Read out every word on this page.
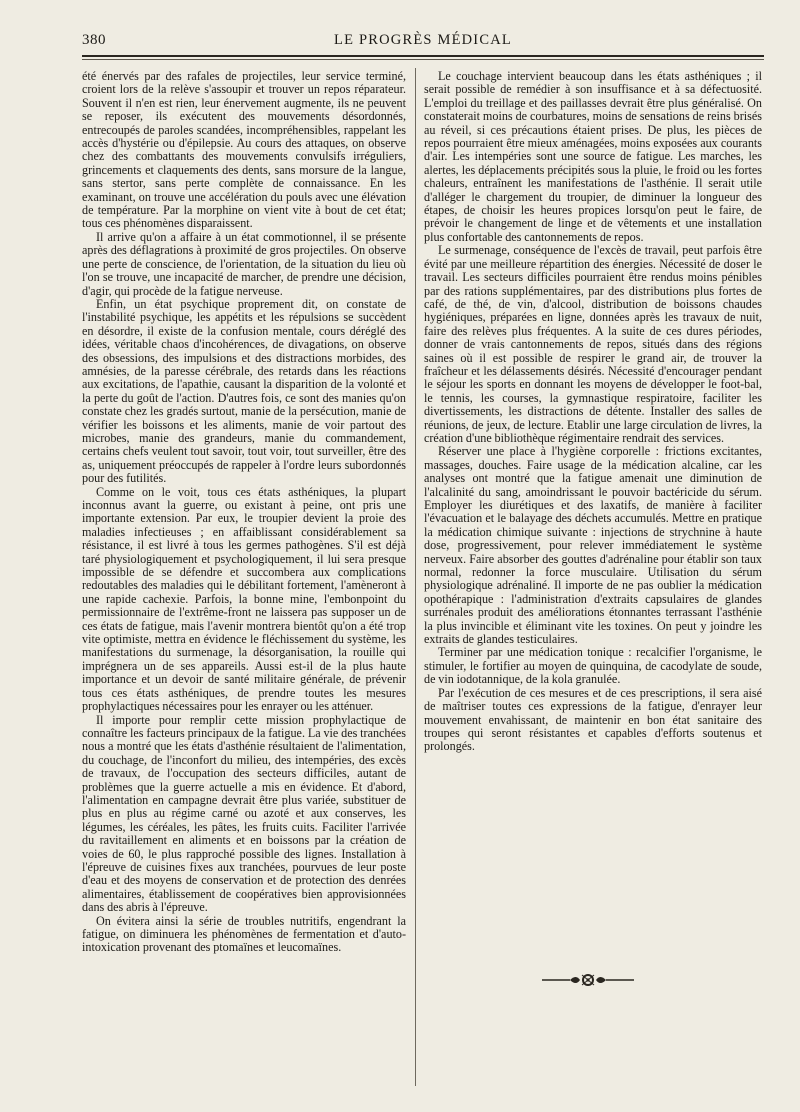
380	LE PROGRÈS MÉDICAL

été énervés par des rafales de projectiles, leur service terminé, croient lors de la relève s'assoupir et trouver un repos réparateur. Souvent il n'en est rien, leur énervement augmente, ils ne peuvent se reposer, ils exécutent des mouvements désordonnés, entrecoupés de paroles scandées, incompréhensibles, rappelant les accès d'hystérie ou d'épilepsie. Au cours des attaques, on observe chez des combattants des mouvements convulsifs irréguliers, grincements et claquements des dents, sans morsure de la langue, sans stertor, sans perte complète de connaissance. En les examinant, on trouve une accélération du pouls avec une élévation de température. Par la morphine on vient vite à bout de cet état; tous ces phénomènes disparaissent.

Il arrive qu'on a affaire à un état commotionnel, il se présente après des déflagrations à proximité de gros projectiles. On observe une perte de conscience, de l'orientation, de la situation du lieu où l'on se trouve, une incapacité de marcher, de prendre une décision, d'agir, qui procède de la fatigue nerveuse.

Enfin, un état psychique proprement dit, on constate de l'instabilité psychique, les appétits et les répulsions se succèdent en désordre, il existe de la confusion mentale, cours déréglé des idées, véritable chaos d'incohérences, de divagations, on observe des obsessions, des impulsions et des distractions morbides, des amnésies, de la paresse cérébrale, des retards dans les réactions aux excitations, de l'apathie, causant la disparition de la volonté et la perte du goût de l'action. D'autres fois, ce sont des manies qu'on constate chez les gradés surtout, manie de la persécution, manie de vérifier les boissons et les aliments, manie de voir partout des microbes, manie des grandeurs, manie du commandement, certains chefs veulent tout savoir, tout voir, tout surveiller, être des as, uniquement préoccupés de rappeler à l'ordre leurs subordonnés pour des futilités.

Comme on le voit, tous ces états asthéniques, la plupart inconnus avant la guerre, ou existant à peine, ont pris une importante extension. Par eux, le troupier devient la proie des maladies infectieuses ; en affaiblissant considérablement sa résistance, il est livré à tous les germes pathogènes. S'il est déjà taré physiologiquement et psychologiquement, il lui sera presque impossible de se défendre et succombera aux complications redoutables des maladies qui le débilitant fortement, l'amèneront à une rapide cachexie. Parfois, la bonne mine, l'embonpoint du permissionnaire de l'extrême-front ne laissera pas supposer un de ces états de fatigue, mais l'avenir montrera bientôt qu'on a été trop vite optimiste, mettra en évidence le fléchissement du système, les manifestations du surmenage, la désorganisation, la rouille qui imprégnera un de ses appareils. Aussi est-il de la plus haute importance et un devoir de santé militaire générale, de prévenir tous ces états asthéniques, de prendre toutes les mesures prophylactiques nécessaires pour les enrayer ou les atténuer.

Il importe pour remplir cette mission prophylactique de connaître les facteurs principaux de la fatigue. La vie des tranchées nous a montré que les états d'asthénie résultaient de l'alimentation, du couchage, de l'inconfort du milieu, des intempéries, des excès de travaux, de l'occupation des secteurs difficiles, autant de problèmes que la guerre actuelle a mis en évidence. Et d'abord, l'alimentation en campagne devrait être plus variée, substituer de plus en plus au régime carné ou azoté et aux conserves, les légumes, les céréales, les pâtes, les fruits cuits. Faciliter l'arrivée du ravitaillement en aliments et en boissons par la création de voies de 60, le plus rapproché possible des lignes. Installation à l'épreuve de cuisines fixes aux tranchées, pourvues de leur poste d'eau et des moyens de conservation et de protection des denrées alimentaires, établissement de coopératives bien approvisionnées dans des abris à l'épreuve.

On évitera ainsi la série de troubles nutritifs, engendrant la fatigue, on diminuera les phénomènes de fermentation et d'auto-intoxication provenant des ptomaïnes et leucomaïnes.

Le couchage intervient beaucoup dans les états asthéniques ; il serait possible de remédier à son insuffisance et à sa défectuosité. L'emploi du treillage et des paillasses devrait être plus généralisé. On constaterait moins de courbatures, moins de sensations de reins brisés au réveil, si ces précautions étaient prises. De plus, les pièces de repos pourraient être mieux aménagées, moins exposées aux courants d'air. Les intempéries sont une source de fatigue. Les marches, les alertes, les déplacements précipités sous la pluie, le froid ou les fortes chaleurs, entraînent les manifestations de l'asthénie. Il serait utile d'alléger le chargement du troupier, de diminuer la longueur des étapes, de choisir les heures propices lorsqu'on peut le faire, de prévoir le changement de linge et de vêtements et une installation plus confortable des cantonnements de repos.

Le surmenage, conséquence de l'excès de travail, peut parfois être évité par une meilleure répartition des énergies. Nécessité de doser le travail. Les secteurs difficiles pourraient être rendus moins pénibles par des rations supplémentaires, par des distributions plus fortes de café, de thé, de vin, d'alcool, distribution de boissons chaudes hygiéniques, préparées en ligne, données après les travaux de nuit, faire des relèves plus fréquentes. A la suite de ces dures périodes, donner de vrais cantonnements de repos, situés dans des régions saines où il est possible de respirer le grand air, de trouver la fraîcheur et les délassements désirés. Nécessité d'encourager pendant le séjour les sports en donnant les moyens de développer le foot-bal, le tennis, les courses, la gymnastique respiratoire, faciliter les divertissements, les distractions de détente. Installer des salles de réunions, de jeux, de lecture. Etablir une large circulation de livres, la création d'une bibliothèque régimentaire rendrait des services.

Réserver une place à l'hygiène corporelle : frictions excitantes, massages, douches. Faire usage de la médication alcaline, car les analyses ont montré que la fatigue amenait une diminution de l'alcalinité du sang, amoindrissant le pouvoir bactéricide du sérum. Employer les diurétiques et des laxatifs, de manière à faciliter l'évacuation et le balayage des déchets accumulés. Mettre en pratique la médication chimique suivante : injections de strychnine à haute dose, progressivement, pour relever immédiatement le système nerveux. Faire absorber des gouttes d'adrénaline pour établir son taux normal, redonner la force musculaire. Utilisation du sérum physiologique adrénaliné. Il importe de ne pas oublier la médication opothérapique : l'administration d'extraits capsulaires de glandes surrénales produit des améliorations étonnantes terrassant l'asthénie la plus invincible et éliminant vite les toxines. On peut y joindre les extraits de glandes testiculaires.

Terminer par une médication tonique : recalcifier l'organisme, le stimuler, le fortifier au moyen de quinquina, de cacodylate de soude, de vin iodotannique, de la kola granulée.

Par l'exécution de ces mesures et de ces prescriptions, il sera aisé de maîtriser toutes ces expressions de la fatigue, d'enrayer leur mouvement envahissant, de maintenir en bon état sanitaire des troupes qui seront résistantes et capables d'efforts soutenus et prolongés.
